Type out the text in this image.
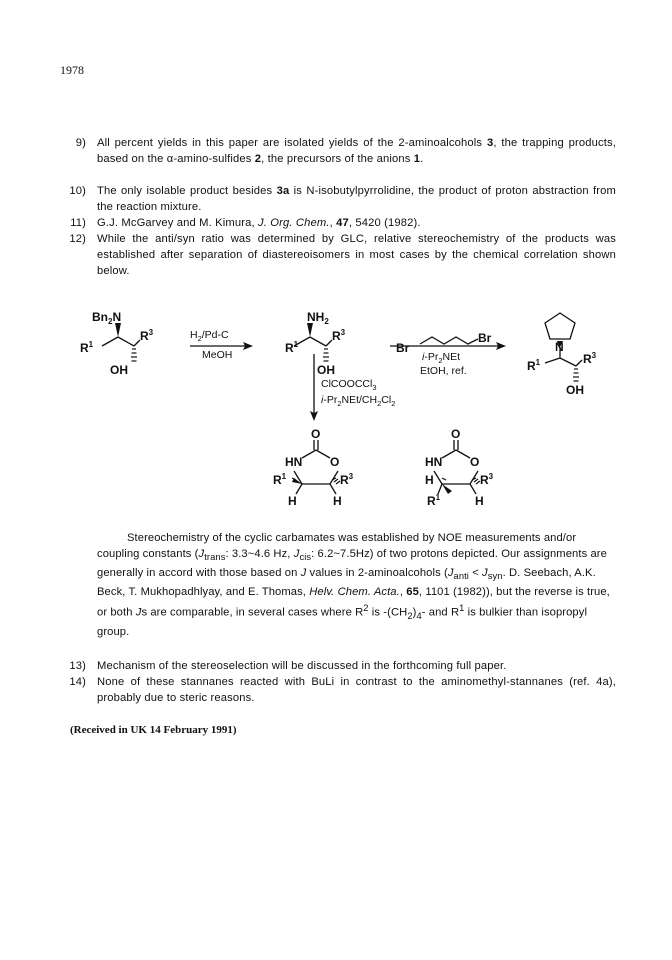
1978
9) All percent yields in this paper are isolated yields of the 2-aminoalcohols 3, the trapping products, based on the α-amino-sulfides 2, the precursors of the anions 1.
10) The only isolable product besides 3a is N-isobutylpyrrolidine, the product of proton abstraction from the reaction mixture.
11) G.J. McGarvey and M. Kimura, J. Org. Chem., 47, 5420 (1982).
12) While the anti/syn ratio was determined by GLC, relative stereochemistry of the products was established after separation of diastereoisomers in most cases by the chemical correlation shown below.
$Bn_2N$
$R^1$
$R^3$
OH
$H_2/Pd-C$
MeOH
$NH_2$
$R^1$
$R^3$
OH
Br
Br
$i-Pr_2NEt$
EtOH, ref.
N
$R^1$	$R^3$
OH
ClCOOCCl$_3$
$i-Pr_2NEt/CH_2Cl_2$
O
HN O
$R^1$	$R^3$
H	H
O
HN O
H	$R^3$
$R^1$	H

Stereochemistry of the cyclic carbamates was established by NOE measurements and/or coupling constants ($J_{trans}$: 3.3~4.6 Hz, $J_{cis}$: 6.2~7.5Hz) of two protons depicted. Our assignments are generally in accord with those based on J values in 2-aminoalcohols ($J_{anti} < J_{syn}$. D. Seebach, A.K. Beck, T. Mukhopadhlyay, and E. Thomas, Helv. Chem. Acta., 65, 1101 (1982)), but the reverse is true, or both Js are comparable, in several cases where $R^2$ is $-(CH_2)_4-$ and $R^1$ is bulkier than isopropyl group.

13) Mechanism of the stereoselection will be discussed in the forthcoming full paper.
14) None of these stannanes reacted with BuLi in contrast to the aminomethyl-stannanes (ref. 4a), probably due to steric reasons.
(Received in UK 14 February 1991)
